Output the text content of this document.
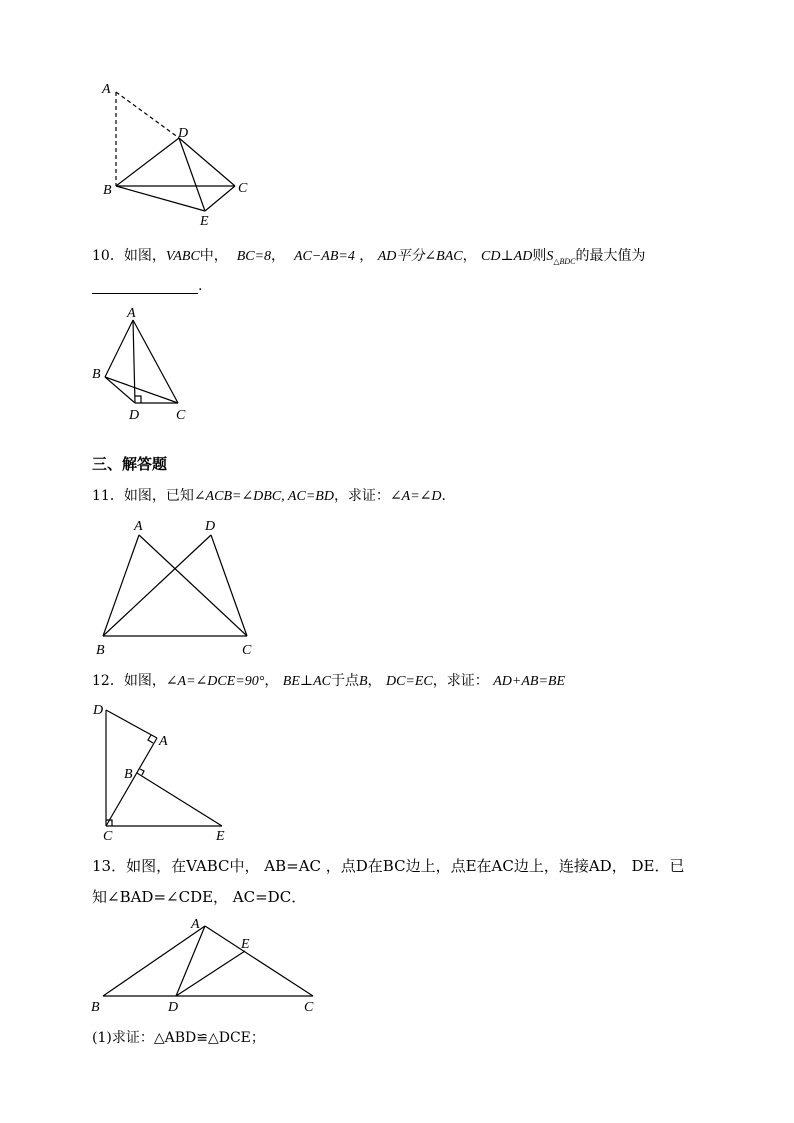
A
D
B	C
E
10．如图，VABC中， BC=8， AC−AB=4 ， AD平分∠BAC， CD⊥AD则$S_{\triangle BDC}$的最大值为
.
A
B
D	C
三、解答题
11．如图，已知∠ACB=∠DBC, AC=BD，求证：∠A=∠D.
A	D
B	C
12．如图，∠A=∠DCE=90°， BE⊥AC于点B， DC=EC，求证： AD+AB=BE
D
A
B
C	E
13．如图，在VABC中， AB=AC ，点D在BC边上，点E在AC边上，连接AD， DE．已
知∠BAD=∠CDE， AC=DC．
A
E
B	D	C
(1)求证：△ABD≌△DCE；
